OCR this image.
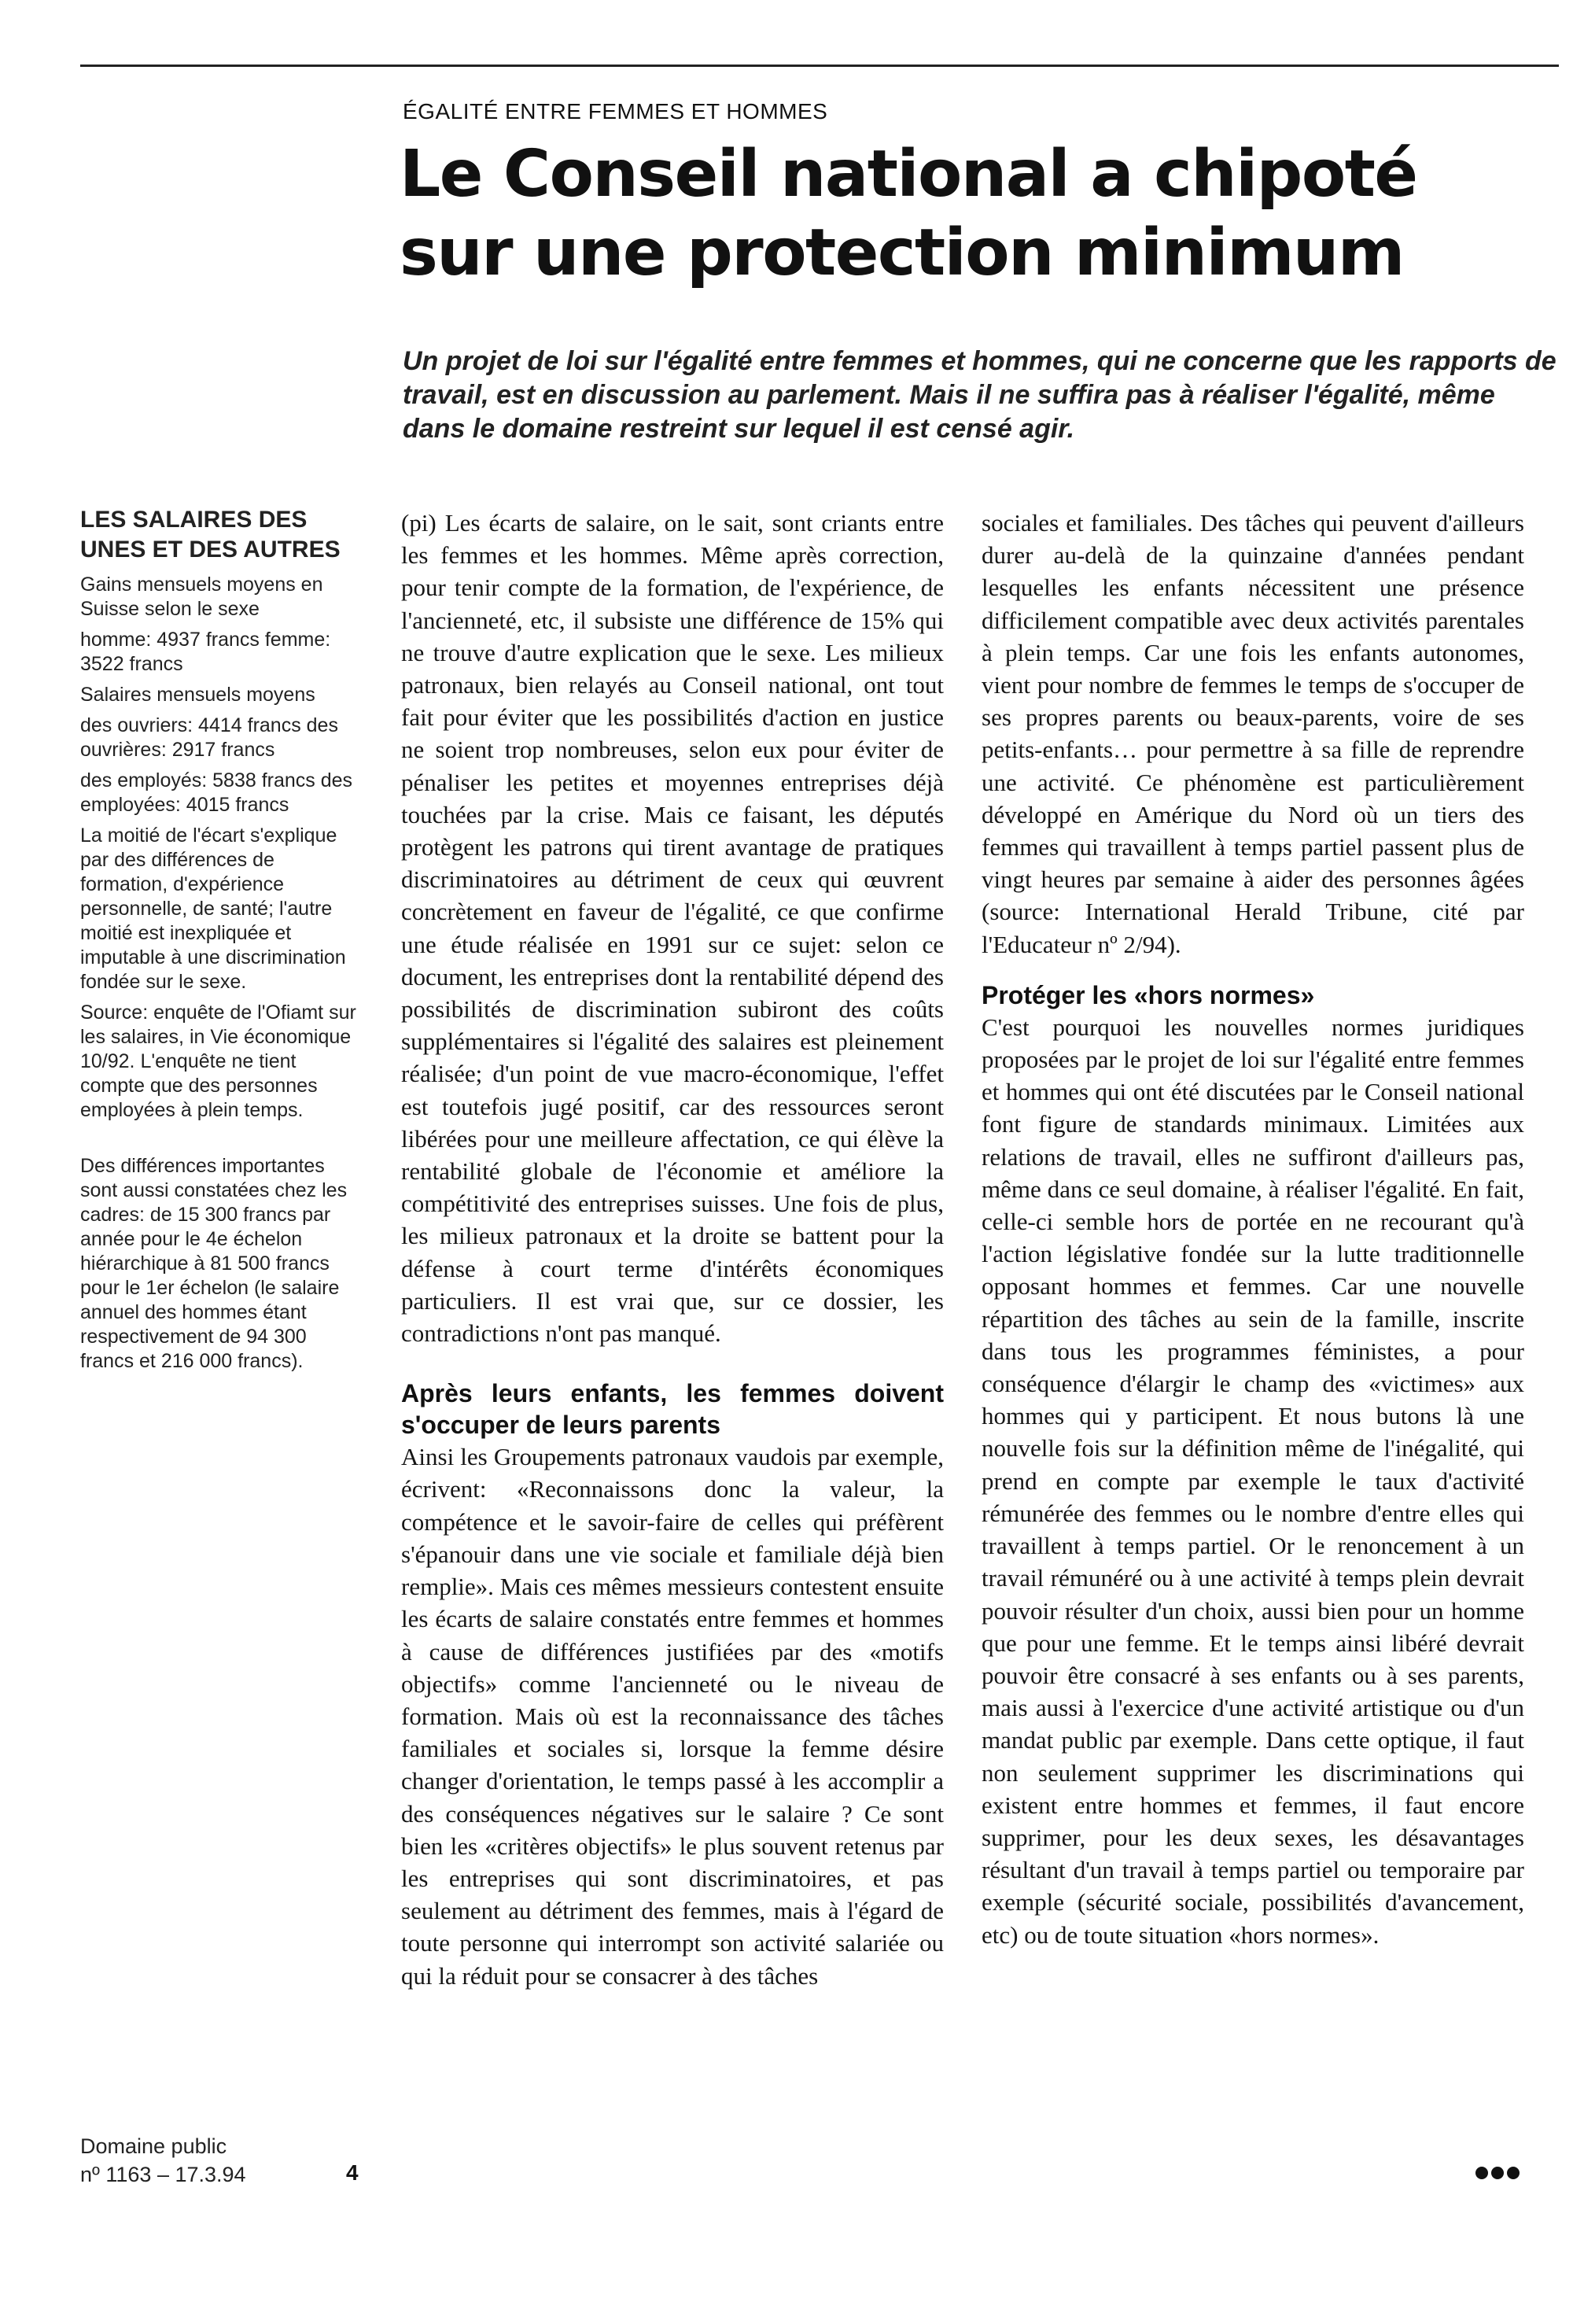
ÉGALITÉ ENTRE FEMMES ET HOMMES
Le Conseil national a chipoté sur une protection minimum

Un projet de loi sur l'égalité entre femmes et hommes, qui ne concerne que les rapports de travail, est en discussion au parlement. Mais il ne suffira pas à réaliser l'égalité, même dans le domaine restreint sur lequel il est censé agir.

LES SALAIRES DES UNES ET DES AUTRES

Gains mensuels moyens en Suisse selon le sexe

homme: 4937 francs femme: 3522 francs

Salaires mensuels moyens

des ouvriers: 4414 francs des ouvrières: 2917 francs

des employés: 5838 francs des employées: 4015 francs

La moitié de l'écart s'explique par des différences de formation, d'expérience personnelle, de santé; l'autre moitié est inexpliquée et imputable à une discrimination fondée sur le sexe.

Source: enquête de l'Ofiamt sur les salaires, in Vie économique 10/92. L'enquête ne tient compte que des personnes employées à plein temps.

Des différences importantes sont aussi constatées chez les cadres: de 15 300 francs par année pour le 4e échelon hiérarchique à 81 500 francs pour le 1er échelon (le salaire annuel des hommes étant respectivement de 94 300 francs et 216 000 francs).

(pi) Les écarts de salaire, on le sait, sont criants entre les femmes et les hommes. Même après correction, pour tenir compte de la formation, de l'expérience, de l'ancienneté, etc, il subsiste une différence de 15% qui ne trouve d'autre explication que le sexe. Les milieux patronaux, bien relayés au Conseil national, ont tout fait pour éviter que les possibilités d'action en justice ne soient trop nombreuses, selon eux pour éviter de pénaliser les petites et moyennes entreprises déjà touchées par la crise. Mais ce faisant, les députés protègent les patrons qui tirent avantage de pratiques discriminatoires au détriment de ceux qui œuvrent concrètement en faveur de l'égalité, ce que confirme une étude réalisée en 1991 sur ce sujet: selon ce document, les entreprises dont la rentabilité dépend des possibilités de discrimination subiront des coûts supplémentaires si l'égalité des salaires est pleinement réalisée; d'un point de vue macro-économique, l'effet est toutefois jugé positif, car des ressources seront libérées pour une meilleure affectation, ce qui élève la rentabilité globale de l'économie et améliore la compétitivité des entreprises suisses. Une fois de plus, les milieux patronaux et la droite se battent pour la défense à court terme d'intérêts économiques particuliers. Il est vrai que, sur ce dossier, les contradictions n'ont pas manqué.

Après leurs enfants, les femmes doivent s'occuper de leurs parents

Ainsi les Groupements patronaux vaudois par exemple, écrivent: «Reconnaissons donc la valeur, la compétence et le savoir-faire de celles qui préfèrent s'épanouir dans une vie sociale et familiale déjà bien remplie». Mais ces mêmes messieurs contestent ensuite les écarts de salaire constatés entre femmes et hommes à cause de différences justifiées par des «motifs objectifs» comme l'ancienneté ou le niveau de formation. Mais où est la reconnaissance des tâches familiales et sociales si, lorsque la femme désire changer d'orientation, le temps passé à les accomplir a des conséquences négatives sur le salaire ? Ce sont bien les «critères objectifs» le plus souvent retenus par les entreprises qui sont discriminatoires, et pas seulement au détriment des femmes, mais à l'égard de toute personne qui interrompt son activité salariée ou qui la réduit pour se consacrer à des tâches

sociales et familiales. Des tâches qui peuvent d'ailleurs durer au-delà de la quinzaine d'années pendant lesquelles les enfants nécessitent une présence difficilement compatible avec deux activités parentales à plein temps. Car une fois les enfants autonomes, vient pour nombre de femmes le temps de s'occuper de ses propres parents ou beaux-parents, voire de ses petits-enfants… pour permettre à sa fille de reprendre une activité. Ce phénomène est particulièrement développé en Amérique du Nord où un tiers des femmes qui travaillent à temps partiel passent plus de vingt heures par semaine à aider des personnes âgées (source: International Herald Tribune, cité par l'Educateur nº 2/94).

Protéger les «hors normes»

C'est pourquoi les nouvelles normes juridiques proposées par le projet de loi sur l'égalité entre femmes et hommes qui ont été discutées par le Conseil national font figure de standards minimaux. Limitées aux relations de travail, elles ne suffiront d'ailleurs pas, même dans ce seul domaine, à réaliser l'égalité. En fait, celle-ci semble hors de portée en ne recourant qu'à l'action législative fondée sur la lutte traditionnelle opposant hommes et femmes. Car une nouvelle répartition des tâches au sein de la famille, inscrite dans tous les programmes féministes, a pour conséquence d'élargir le champ des «victimes» aux hommes qui y participent. Et nous butons là une nouvelle fois sur la définition même de l'inégalité, qui prend en compte par exemple le taux d'activité rémunérée des femmes ou le nombre d'entre elles qui travaillent à temps partiel. Or le renoncement à un travail rémunéré ou à une activité à temps plein devrait pouvoir résulter d'un choix, aussi bien pour un homme que pour une femme. Et le temps ainsi libéré devrait pouvoir être consacré à ses enfants ou à ses parents, mais aussi à l'exercice d'une activité artistique ou d'un mandat public par exemple. Dans cette optique, il faut non seulement supprimer les discriminations qui existent entre hommes et femmes, il faut encore supprimer, pour les deux sexes, les désavantages résultant d'un travail à temps partiel ou temporaire par exemple (sécurité sociale, possibilités d'avancement, etc) ou de toute situation «hors normes».

Domaine public
nº 1163 – 17.3.94	4
